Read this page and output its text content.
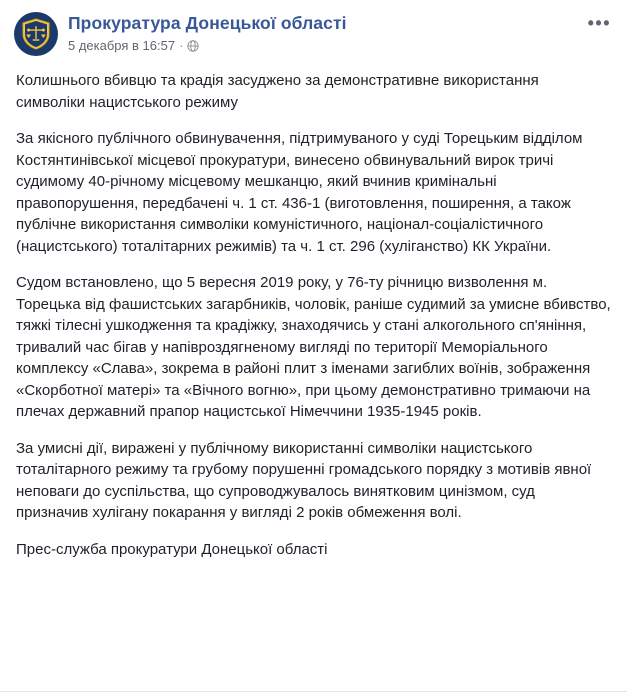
Прокуратура Донецької області
5 декабря в 16:57 ·
•••

Колишнього вбивцю та крадія засуджено за демонстративне використання символіки нацистського режиму

За якісного публічного обвинувачення, підтримуваного у суді Торецьким відділом Костянтинівської місцевої прокуратури, винесено обвинувальний вирок тричі судимому 40-річному місцевому мешканцю, який вчинив кримінальні правопорушення, передбачені ч. 1 ст. 436-1 (виготовлення, поширення, а також публічне використання символіки комуністичного, націонал-соціалістичного (нацистського) тоталітарних режимів) та ч. 1 ст. 296 (хуліганство) КК України.

Судом встановлено, що 5 вересня 2019 року, у 76-ту річницю визволення м. Торецька від фашистських загарбників, чоловік, раніше судимий за умисне вбивство, тяжкі тілесні ушкодження та крадіжку, знаходячись у стані алкогольного сп'яніння, тривалий час бігав у напівроздягненому вигляді по території Меморіального комплексу «Слава», зокрема в районі плит з іменами загиблих воїнів, зображення «Скорботної матері» та «Вічного вогню», при цьому демонстративно тримаючи на плечах державний прапор нацистської Німеччини 1935-1945 років.

За умисні дії, виражені у публічному використанні символіки нацистського тоталітарного режиму та грубому порушенні громадського порядку з мотивів явної неповаги до суспільства, що супроводжувалось винятковим цинізмом, суд призначив хулігану покарання у вигляді 2 років обмеження волі.

Прес-служба прокуратури Донецької області
